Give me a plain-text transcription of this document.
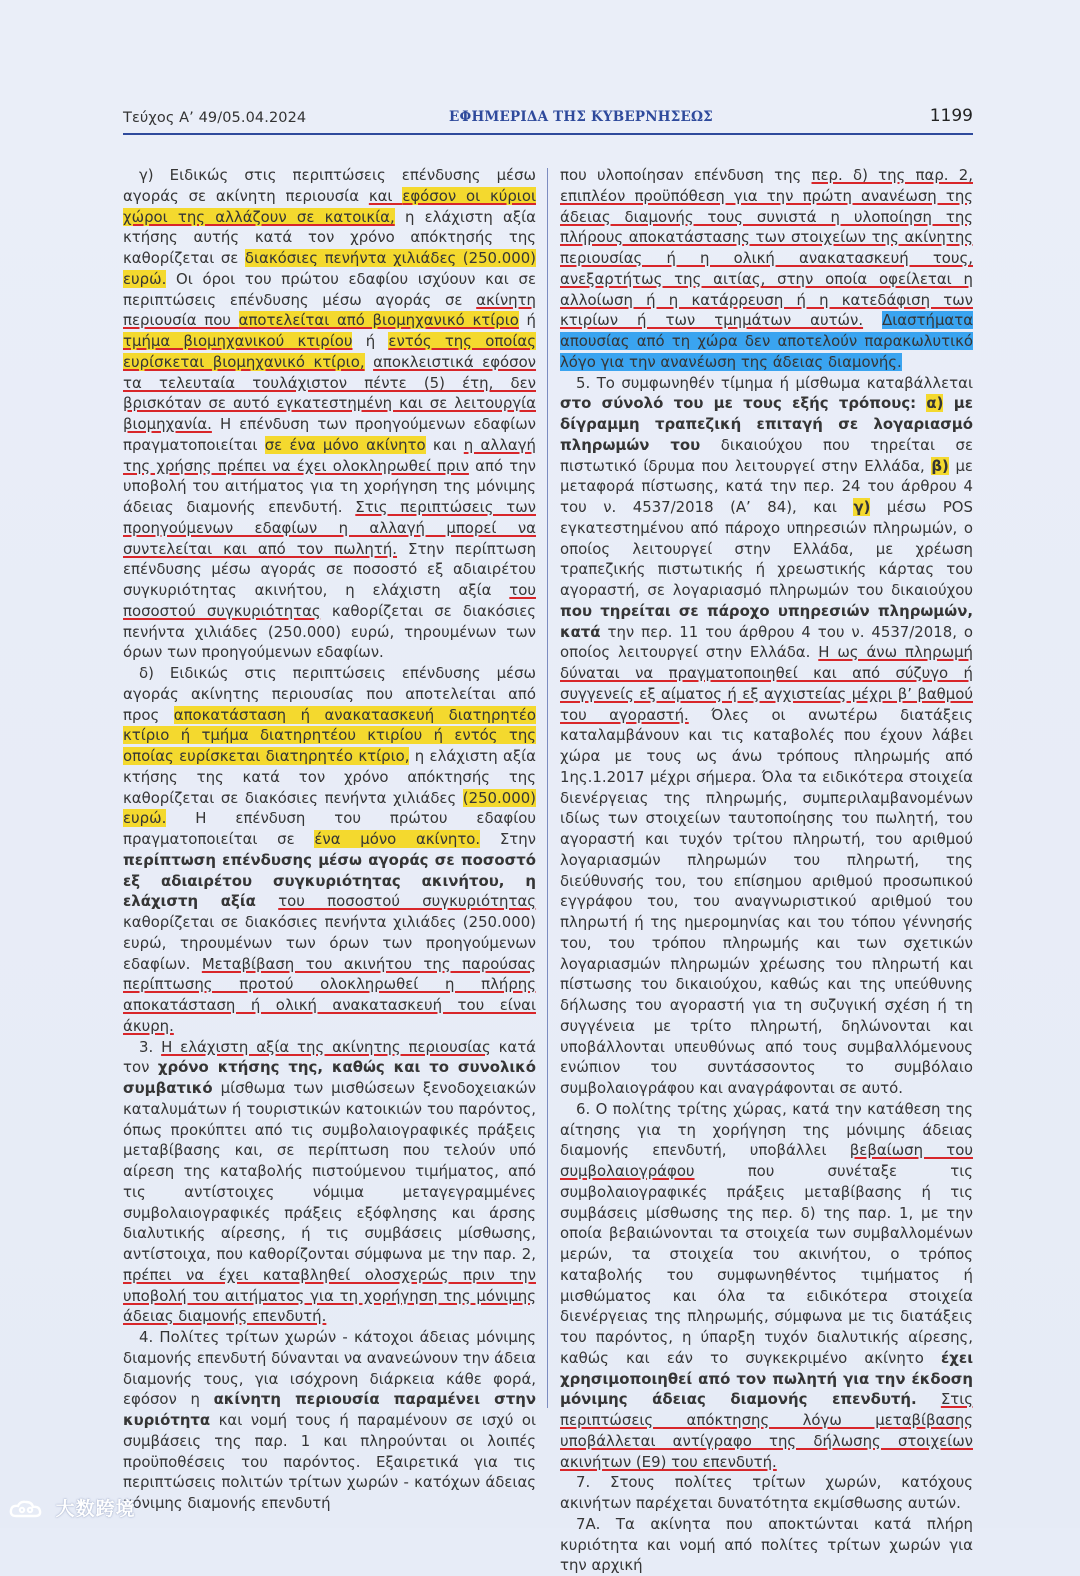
Τεύχος Α’ 49/05.04.2024	ΕΦΗΜΕΡΙΔΑ ΤΗΣ ΚΥΒΕΡΝΗΣΕΩΣ	1199

γ) Ειδικώς στις περιπτώσεις επένδυσης μέσω αγοράς σε ακίνητη περιουσία και εφόσον οι κύριοι χώροι της αλλάζουν σε κατοικία, η ελάχιστη αξία κτήσης αυτής κατά τον χρόνο απόκτησής της καθορίζεται σε διακόσιες πενήντα χιλιάδες (250.000) ευρώ. Οι όροι του πρώτου εδαφίου ισχύουν και σε περιπτώσεις επένδυσης μέσω αγοράς σε ακίνητη περιουσία που αποτελείται από βιομηχανικό κτίριο ή τμήμα βιομηχανικού κτιρίου ή εντός της οποίας ευρίσκεται βιομηχανικό κτίριο, αποκλειστικά εφόσον τα τελευταία τουλάχιστον πέντε (5) έτη, δεν βρισκόταν σε αυτό εγκατεστημένη και σε λειτουργία βιομηχανία. Η επένδυση των προηγούμενων εδαφίων πραγματοποιείται σε ένα μόνο ακίνητο και η αλλαγή της χρήσης πρέπει να έχει ολοκληρωθεί πριν από την υποβολή του αιτήματος για τη χορήγηση της μόνιμης άδειας διαμονής επενδυτή. Στις περιπτώσεις των προηγούμενων εδαφίων η αλλαγή μπορεί να συντελείται και από τον πωλητή. Στην περίπτωση επένδυσης μέσω αγοράς σε ποσοστό εξ αδιαιρέτου συγκυριότητας ακινήτου, η ελάχιστη αξία του ποσοστού συγκυριότητας καθορίζεται σε διακόσιες πενήντα χιλιάδες (250.000) ευρώ, τηρουμένων των όρων των προηγούμενων εδαφίων.

δ) Ειδικώς στις περιπτώσεις επένδυσης μέσω αγοράς ακίνητης περιουσίας που αποτελείται από προς αποκατάσταση ή ανακατασκευή διατηρητέο κτίριο ή τμήμα διατηρητέου κτιρίου ή εντός της οποίας ευρίσκεται διατηρητέο κτίριο, η ελάχιστη αξία κτήσης της κατά τον χρόνο απόκτησής της καθορίζεται σε διακόσιες πενήντα χιλιάδες (250.000) ευρώ. Η επένδυση του πρώτου εδαφίου πραγματοποιείται σε ένα μόνο ακίνητο. Στην περίπτωση επένδυσης μέσω αγοράς σε ποσοστό εξ αδιαιρέτου συγκυριότητας ακινήτου, η ελάχιστη αξία του ποσοστού συγκυριότητας καθορίζεται σε διακόσιες πενήντα χιλιάδες (250.000) ευρώ, τηρουμένων των όρων των προηγούμενων εδαφίων. Μεταβίβαση του ακινήτου της παρούσας περίπτωσης προτού ολοκληρωθεί η πλήρης αποκατάσταση ή ολική ανακατασκευή του είναι άκυρη.

3. Η ελάχιστη αξία της ακίνητης περιουσίας κατά τον χρόνο κτήσης της, καθώς και το συνολικό συμβατικό μίσθωμα των μισθώσεων ξενοδοχειακών καταλυμάτων ή τουριστικών κατοικιών του παρόντος, όπως προκύπτει από τις συμβολαιογραφικές πράξεις μεταβίβασης και, σε περίπτωση που τελούν υπό αίρεση της καταβολής πιστούμενου τιμήματος, από τις αντίστοιχες νόμιμα μεταγεγραμμένες συμβολαιογραφικές πράξεις εξόφλησης και άρσης διαλυτικής αίρεσης, ή τις συμβάσεις μίσθωσης, αντίστοιχα, που καθορίζονται σύμφωνα με την παρ. 2, πρέπει να έχει καταβληθεί ολοσχερώς πριν την υποβολή του αιτήματος για τη χορήγηση της μόνιμης άδειας διαμονής επενδυτή.

4. Πολίτες τρίτων χωρών - κάτοχοι άδειας μόνιμης διαμονής επενδυτή δύνανται να ανανεώνουν την άδεια διαμονής τους, για ισόχρονη διάρκεια κάθε φορά, εφόσον η ακίνητη περιουσία παραμένει στην κυριότητα και νομή τους ή παραμένουν σε ισχύ οι συμβάσεις της παρ. 1 και πληρούνται οι λοιπές προϋποθέσεις του παρόντος. Εξαιρετικά για τις περιπτώσεις πολιτών τρίτων χωρών - κατόχων άδειας μόνιμης διαμονής επενδυτή

που υλοποίησαν επένδυση της περ. δ) της παρ. 2, επιπλέον προϋπόθεση για την πρώτη ανανέωση της άδειας διαμονής τους συνιστά η υλοποίηση της πλήρους αποκατάστασης των στοιχείων της ακίνητης περιουσίας ή η ολική ανακατασκευή τους, ανεξαρτήτως της αιτίας, στην οποία οφείλεται η αλλοίωση ή η κατάρρευση ή η κατεδάφιση των κτιρίων ή των τμημάτων αυτών. Διαστήματα απουσίας από τη χώρα δεν αποτελούν παρακωλυτικό λόγο για την ανανέωση της άδειας διαμονής.

5. Το συμφωνηθέν τίμημα ή μίσθωμα καταβάλλεται στο σύνολό του με τους εξής τρόπους: α) με δίγραμμη τραπεζική επιταγή σε λογαριασμό πληρωμών του δικαιούχου που τηρείται σε πιστωτικό ίδρυμα που λειτουργεί στην Ελλάδα, β) με μεταφορά πίστωσης, κατά την περ. 24 του άρθρου 4 του ν. 4537/2018 (Α’ 84), και γ) μέσω POS εγκατεστημένου από πάροχο υπηρεσιών πληρωμών, ο οποίος λειτουργεί στην Ελλάδα, με χρέωση τραπεζικής πιστωτικής ή χρεωστικής κάρτας του αγοραστή, σε λογαριασμό πληρωμών του δικαιούχου που τηρείται σε πάροχο υπηρεσιών πληρωμών, κατά την περ. 11 του άρθρου 4 του ν. 4537/2018, ο οποίος λειτουργεί στην Ελλάδα. Η ως άνω πληρωμή δύναται να πραγματοποιηθεί και από σύζυγο ή συγγενείς εξ αίματος ή εξ αγχιστείας μέχρι β’ βαθμού του αγοραστή. Όλες οι ανωτέρω διατάξεις καταλαμβάνουν και τις καταβολές που έχουν λάβει χώρα με τους ως άνω τρόπους πληρωμής από 1ης.1.2017 μέχρι σήμερα. Όλα τα ειδικότερα στοιχεία διενέργειας της πληρωμής, συμπεριλαμβανομένων ιδίως των στοιχείων ταυτοποίησης του πωλητή, του αγοραστή και τυχόν τρίτου πληρωτή, του αριθμού λογαριασμών πληρωμών του πληρωτή, της διεύθυνσής του, του επίσημου αριθμού προσωπικού εγγράφου του, του αναγνωριστικού αριθμού του πληρωτή ή της ημερομηνίας και του τόπου γέννησής του, του τρόπου πληρωμής και των σχετικών λογαριασμών πληρωμών χρέωσης του πληρωτή και πίστωσης του δικαιούχου, καθώς και της υπεύθυνης δήλωσης του αγοραστή για τη συζυγική σχέση ή τη συγγένεια με τρίτο πληρωτή, δηλώνονται και υποβάλλονται υπευθύνως από τους συμβαλλόμενους ενώπιον του συντάσσοντος το συμβόλαιο συμβολαιογράφου και αναγράφονται σε αυτό.

6. Ο πολίτης τρίτης χώρας, κατά την κατάθεση της αίτησης για τη χορήγηση της μόνιμης άδειας διαμονής επενδυτή, υποβάλλει βεβαίωση του συμβολαιογράφου που συνέταξε τις συμβολαιογραφικές πράξεις μεταβίβασης ή τις συμβάσεις μίσθωσης της περ. δ) της παρ. 1, με την οποία βεβαιώνονται τα στοιχεία των συμβαλλομένων μερών, τα στοιχεία του ακινήτου, ο τρόπος καταβολής του συμφωνηθέντος τιμήματος ή μισθώματος και όλα τα ειδικότερα στοιχεία διενέργειας της πληρωμής, σύμφωνα με τις διατάξεις του παρόντος, η ύπαρξη τυχόν διαλυτικής αίρεσης, καθώς και εάν το συγκεκριμένο ακίνητο έχει χρησιμοποιηθεί από τον πωλητή για την έκδοση μόνιμης άδειας διαμονής επενδυτή. Στις περιπτώσεις απόκτησης λόγω μεταβίβασης υποβάλλεται αντίγραφο της δήλωσης στοιχείων ακινήτων (Ε9) του επενδυτή.

7. Στους πολίτες τρίτων χωρών, κατόχους ακινήτων παρέχεται δυνατότητα εκμίσθωσης αυτών.

7Α. Τα ακίνητα που αποκτώνται κατά πλήρη κυριότητα και νομή από πολίτες τρίτων χωρών για την αρχική

大数跨境
